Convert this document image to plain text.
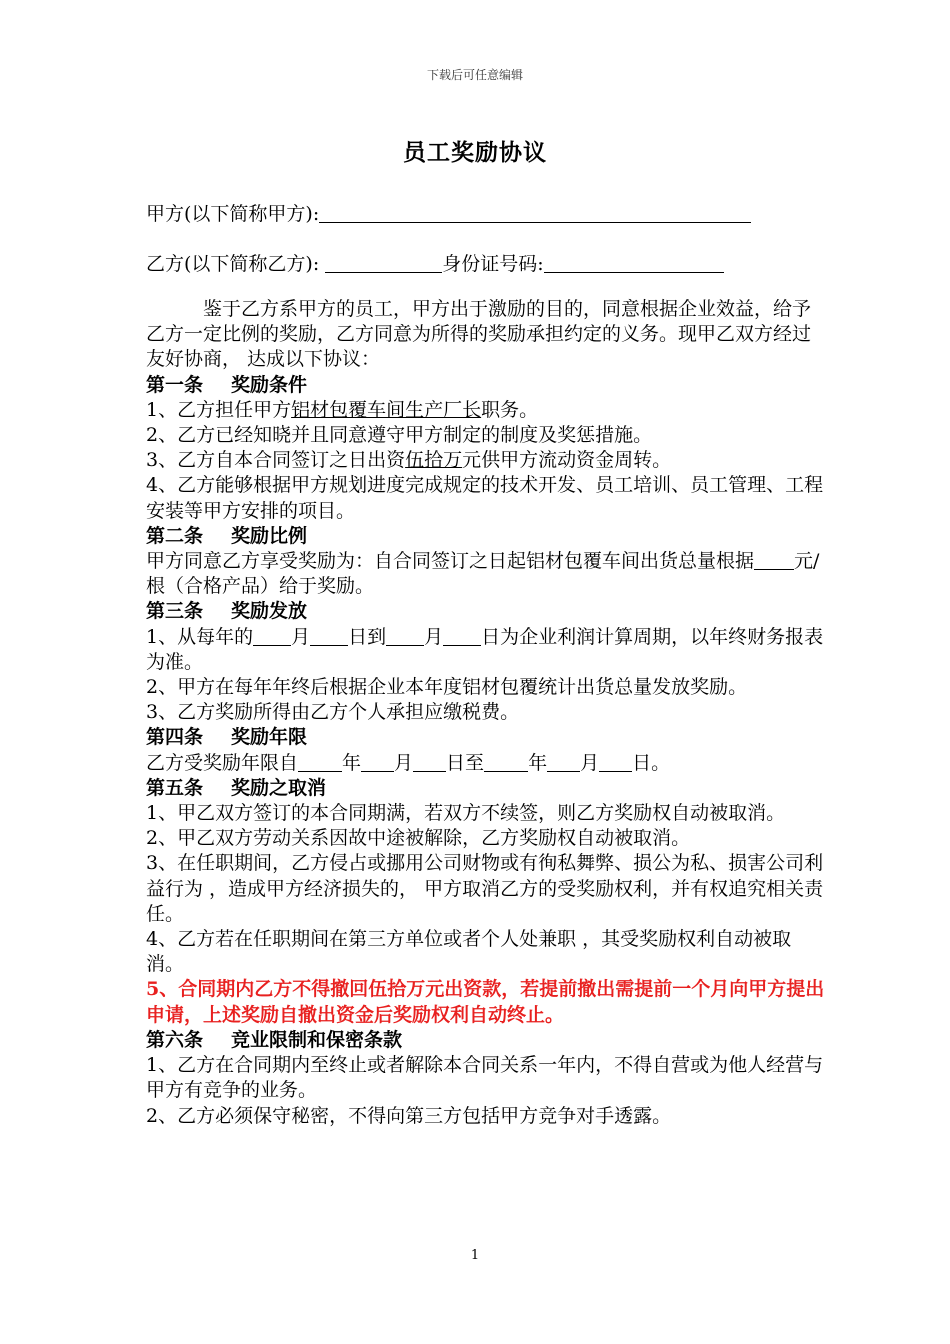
下载后可任意编辑
员工奖励协议
甲方(以下简称甲方):
乙方(以下简称乙方):	身份证号码:

鉴于乙方系甲方的员工，甲方出于激励的目的，同意根据企业效益，给予乙方一定比例的奖励，乙方同意为所得的奖励承担约定的义务。现甲乙双方经过友好协商， 达成以下协议：

第一条 奖励条件

1、乙方担任甲方铝材包覆车间生产厂长职务。

2、乙方已经知晓并且同意遵守甲方制定的制度及奖惩措施。

3、乙方自本合同签订之日出资伍拾万元供甲方流动资金周转。

4、乙方能够根据甲方规划进度完成规定的技术开发、员工培训、员工管理、工程安装等甲方安排的项目。

第二条 奖励比例

甲方同意乙方享受奖励为：自合同签订之日起铝材包覆车间出货总量根据 元/根（合格产品）给于奖励。

第三条 奖励发放

1、从每年的 月 日到 月 日为企业利润计算周期，以年终财务报表为准。

2、甲方在每年年终后根据企业本年度铝材包覆统计出货总量发放奖励。

3、乙方奖励所得由乙方个人承担应缴税费。

第四条 奖励年限

乙方受奖励年限自 年 月 日至 年 月 日。

第五条 奖励之取消

1、甲乙双方签订的本合同期满，若双方不续签，则乙方奖励权自动被取消。

2、甲乙双方劳动关系因故中途被解除，乙方奖励权自动被取消。

3、在任职期间，乙方侵占或挪用公司财物或有徇私舞弊、损公为私、损害公司利益行为 ，造成甲方经济损失的， 甲方取消乙方的受奖励权利，并有权追究相关责任。

4、乙方若在任职期间在第三方单位或者个人处兼职 ，其受奖励权利自动被取消。

5、合同期内乙方不得撤回伍拾万元出资款，若提前撤出需提前一个月向甲方提出申请，上述奖励自撤出资金后奖励权利自动终止。

第六条 竞业限制和保密条款

1、乙方在合同期内至终止或者解除本合同关系一年内，不得自营或为他人经营与甲方有竞争的业务。

2、乙方必须保守秘密，不得向第三方包括甲方竞争对手透露。

1
